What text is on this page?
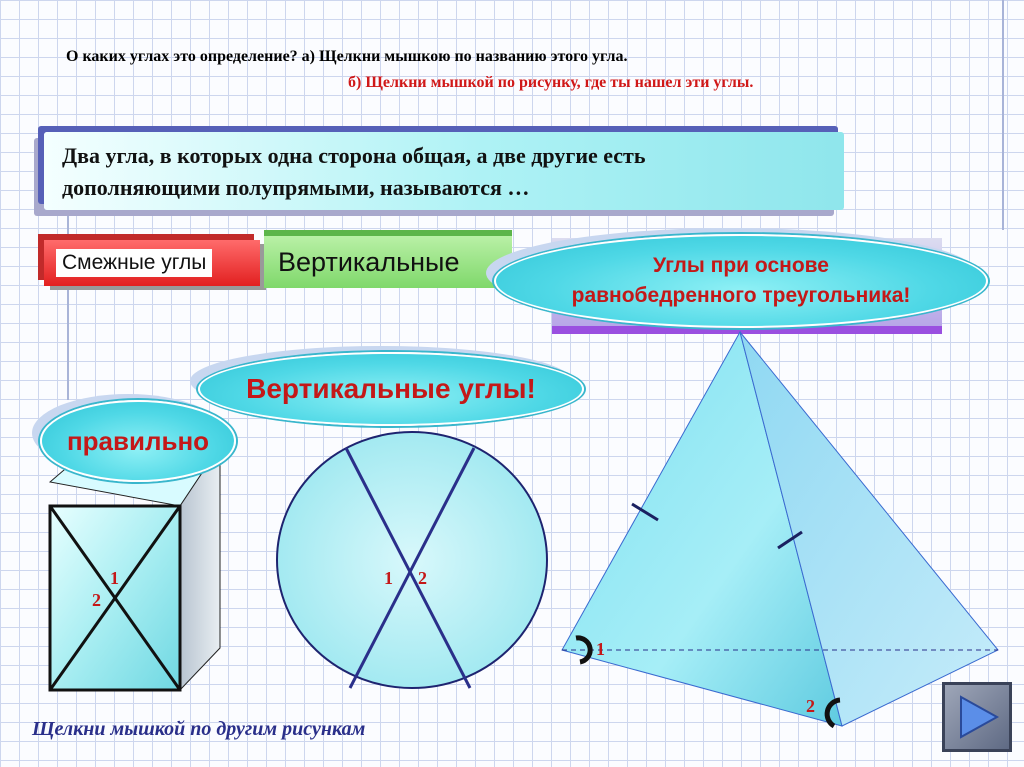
О каких углах это определение? а) Щелкни мышкою по названию этого угла.
б) Щелкни мышкой по рисунку, где ты нашел эти углы.
Два угла, в которых одна сторона общая, а две другие есть
дополняющими полупрямыми, называются …
Смежные углы	Вертикальные
1
2
1 2
1
2
Углы при основе
равнобедренного треугольника!
Вертикальные углы!
правильно
Щелкни мышкой по другим рисункам
